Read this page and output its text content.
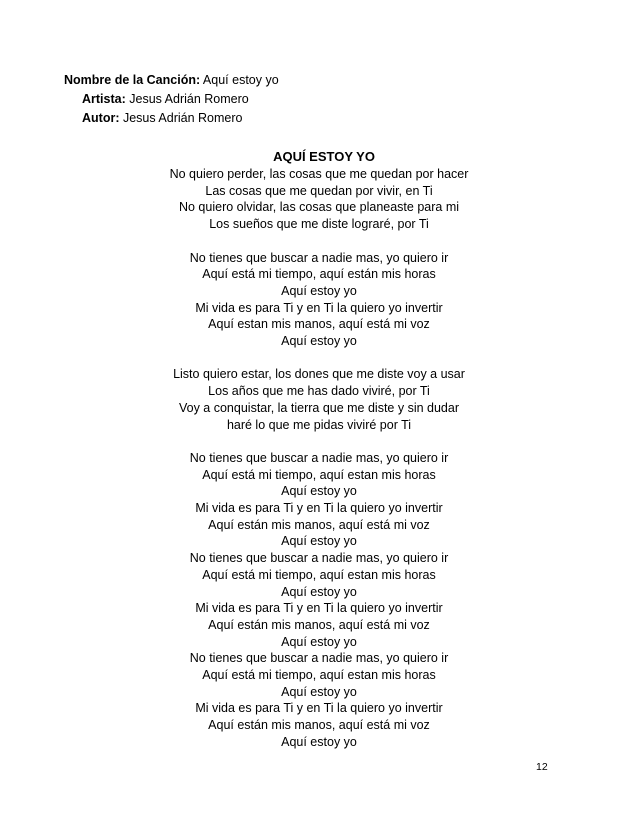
Nombre de la Canción: Aquí estoy yo
Artista: Jesus Adrián Romero
Autor: Jesus Adrián Romero
AQUÍ ESTOY YO
No quiero perder, las cosas que me quedan por hacer
Las cosas que me quedan por vivir, en Ti
No quiero olvidar, las cosas que planeaste para mi
Los sueños que me diste lograré, por Ti
No tienes que buscar a nadie mas, yo quiero ir
Aquí está mi tiempo, aquí están mis horas
Aquí estoy yo
Mi vida es para Ti y en Ti la quiero yo invertir
Aquí estan mis manos, aquí está mi voz
Aquí estoy yo
Listo quiero estar, los dones que me diste voy a usar
Los años que me has dado viviré, por Ti
Voy a conquistar, la tierra que me diste y sin dudar
haré lo que me pidas viviré por Ti
No tienes que buscar a nadie mas, yo quiero ir
Aquí está mi tiempo, aquí estan mis horas
Aquí estoy yo
Mi vida es para Ti y en Ti la quiero yo invertir
Aquí están mis manos, aquí está mi voz
Aquí estoy yo
No tienes que buscar a nadie mas, yo quiero ir
Aquí está mi tiempo, aquí estan mis horas
Aquí estoy yo
Mi vida es para Ti y en Ti la quiero yo invertir
Aquí están mis manos, aquí está mi voz
Aquí estoy yo
No tienes que buscar a nadie mas, yo quiero ir
Aquí está mi tiempo, aquí estan mis horas
Aquí estoy yo
Mi vida es para Ti y en Ti la quiero yo invertir
Aquí están mis manos, aquí está mi voz
Aquí estoy yo
12
